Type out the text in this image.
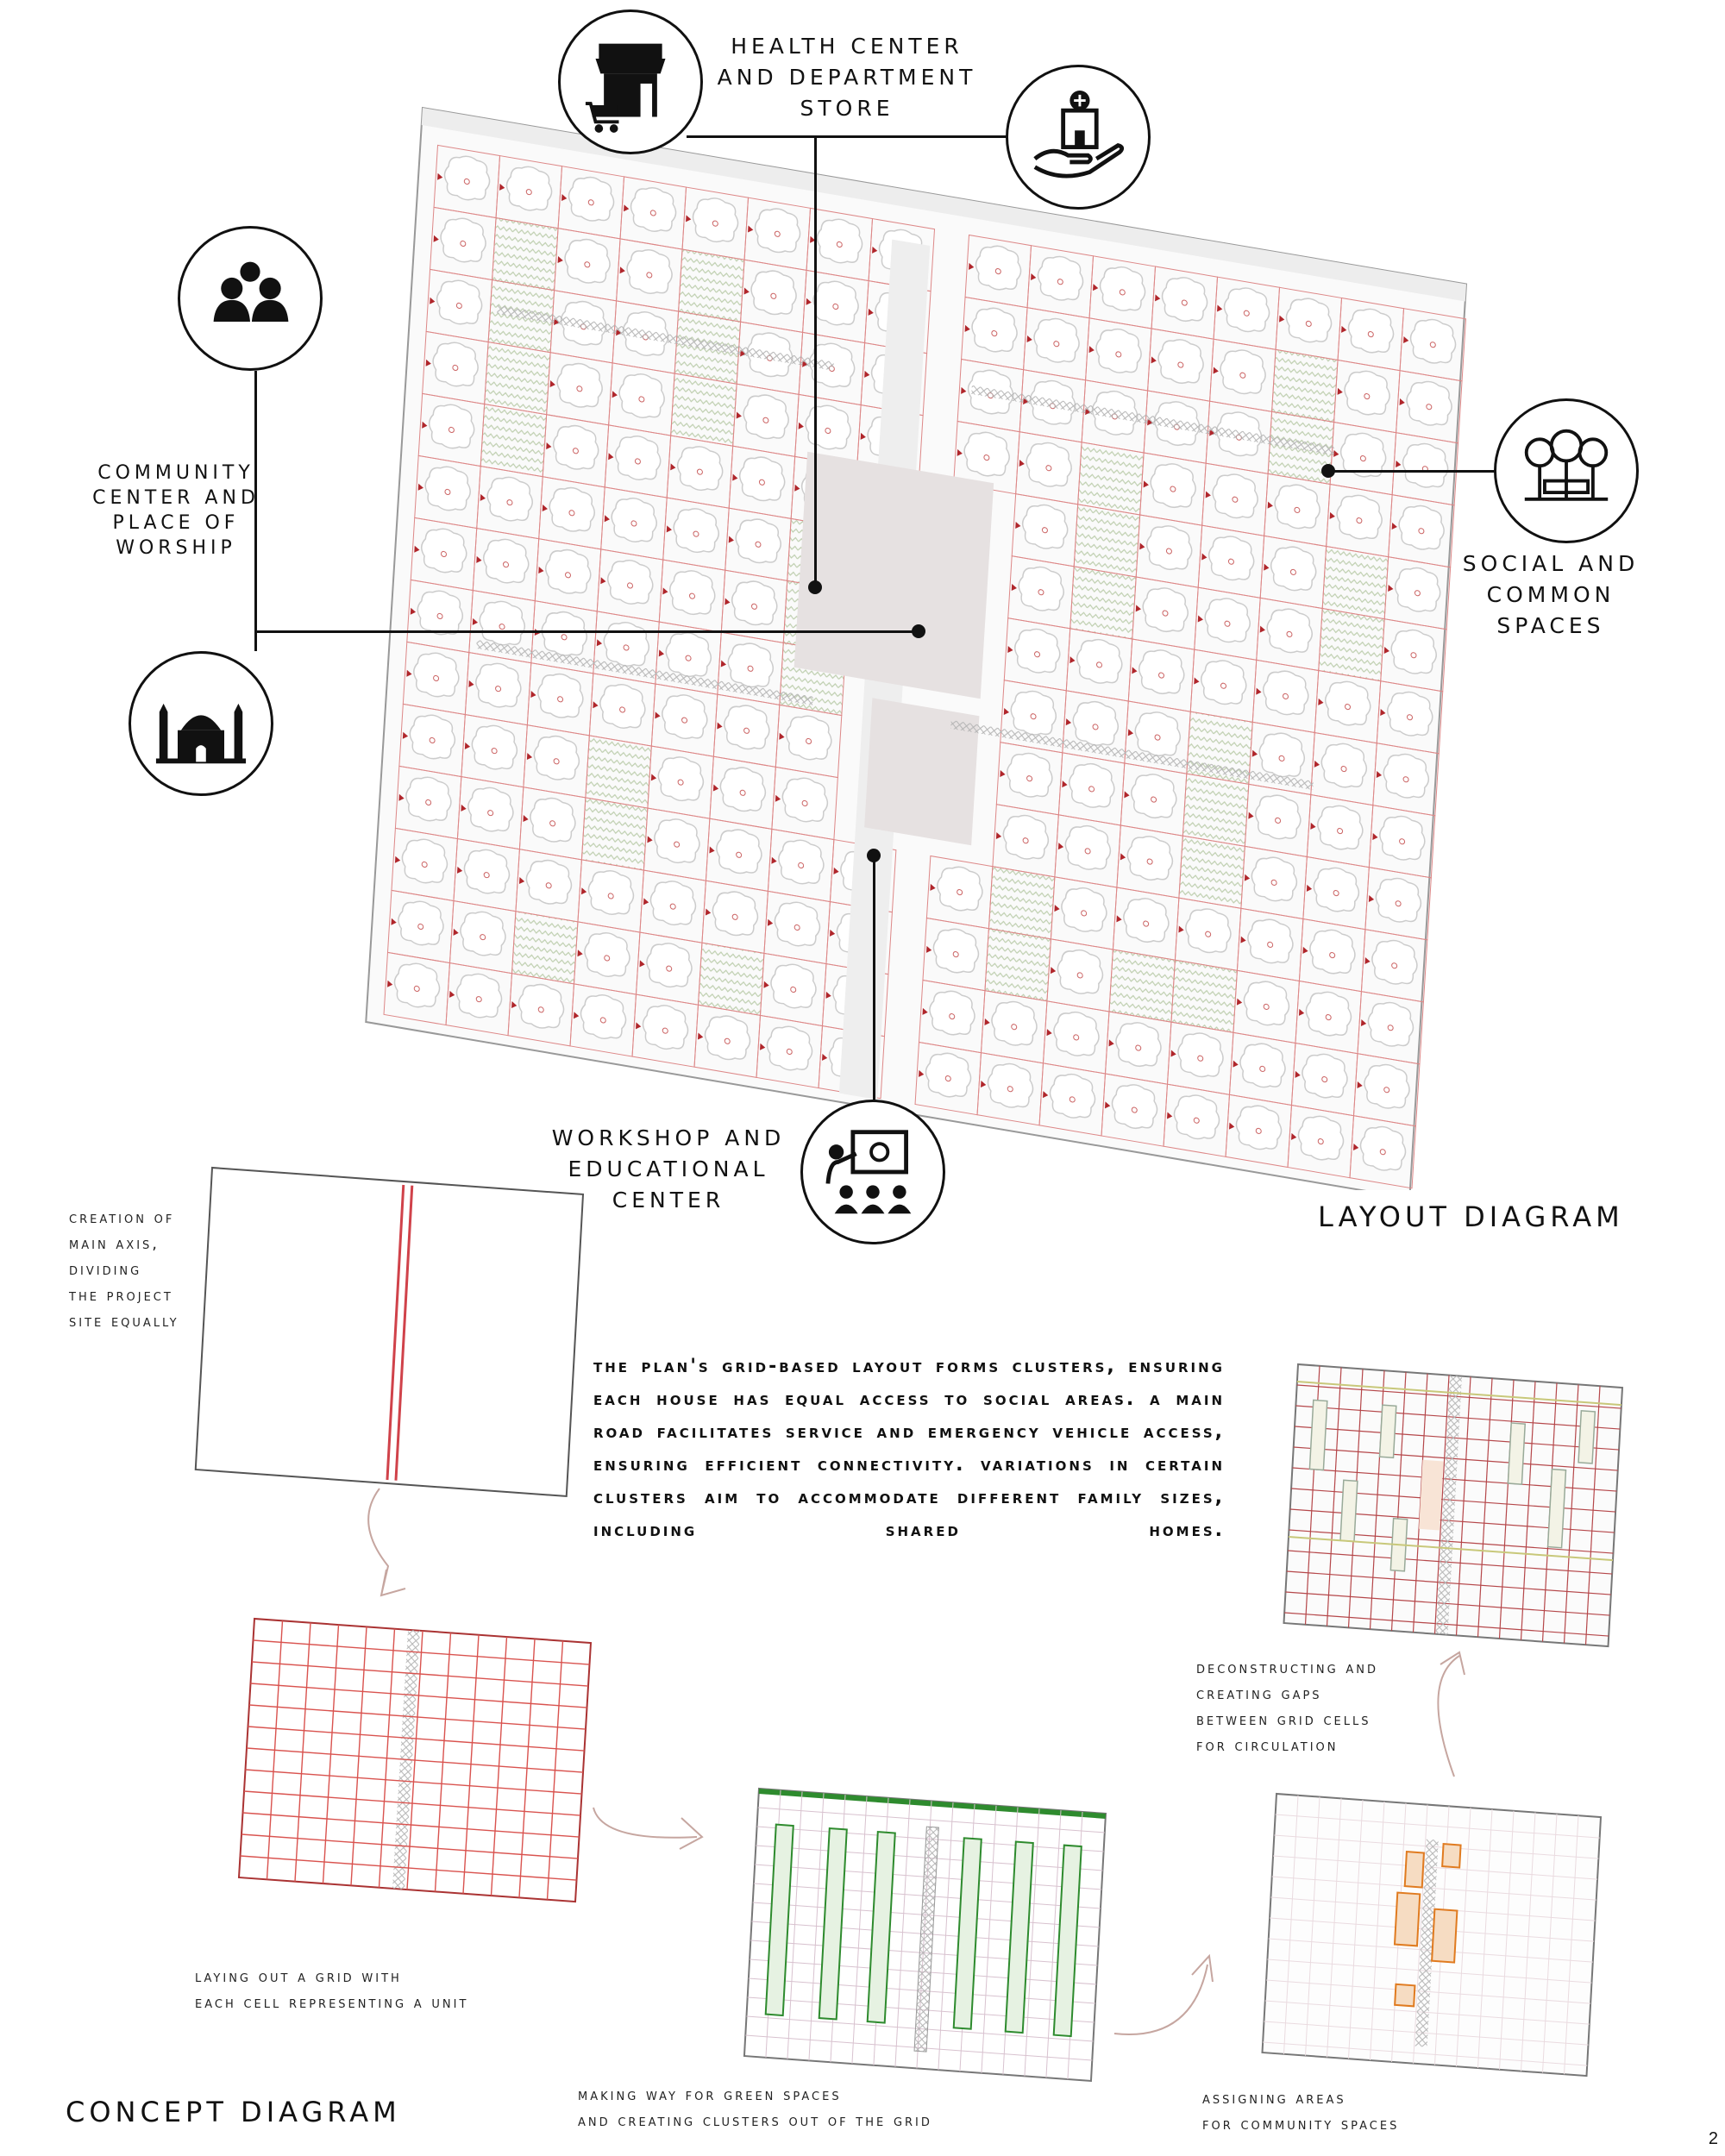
HEALTH CENTER
AND DEPARTMENT
STORE
COMMUNITY
CENTER AND
PLACE OF
WORSHIP
SOCIAL AND
COMMON
SPACES
WORKSHOP AND
EDUCATIONAL
CENTER
LAYOUT DIAGRAM
creation of
main axis,
dividing
the project
site equally
laying out a grid with
each cell representing a unit
making way for green spaces
and creating clusters out of the grid
assigning areas
for community spaces
deconstructing and
creating gaps
between grid cells
for circulation
the plan's grid-based layout forms clusters, ensuring each house has equal access to social areas. a main road facilitates service and emergency vehicle access, ensuring efficient connectivity. variations in certain clusters aim to accommodate different family sizes, including shared homes.
CONCEPT DIAGRAM
2
